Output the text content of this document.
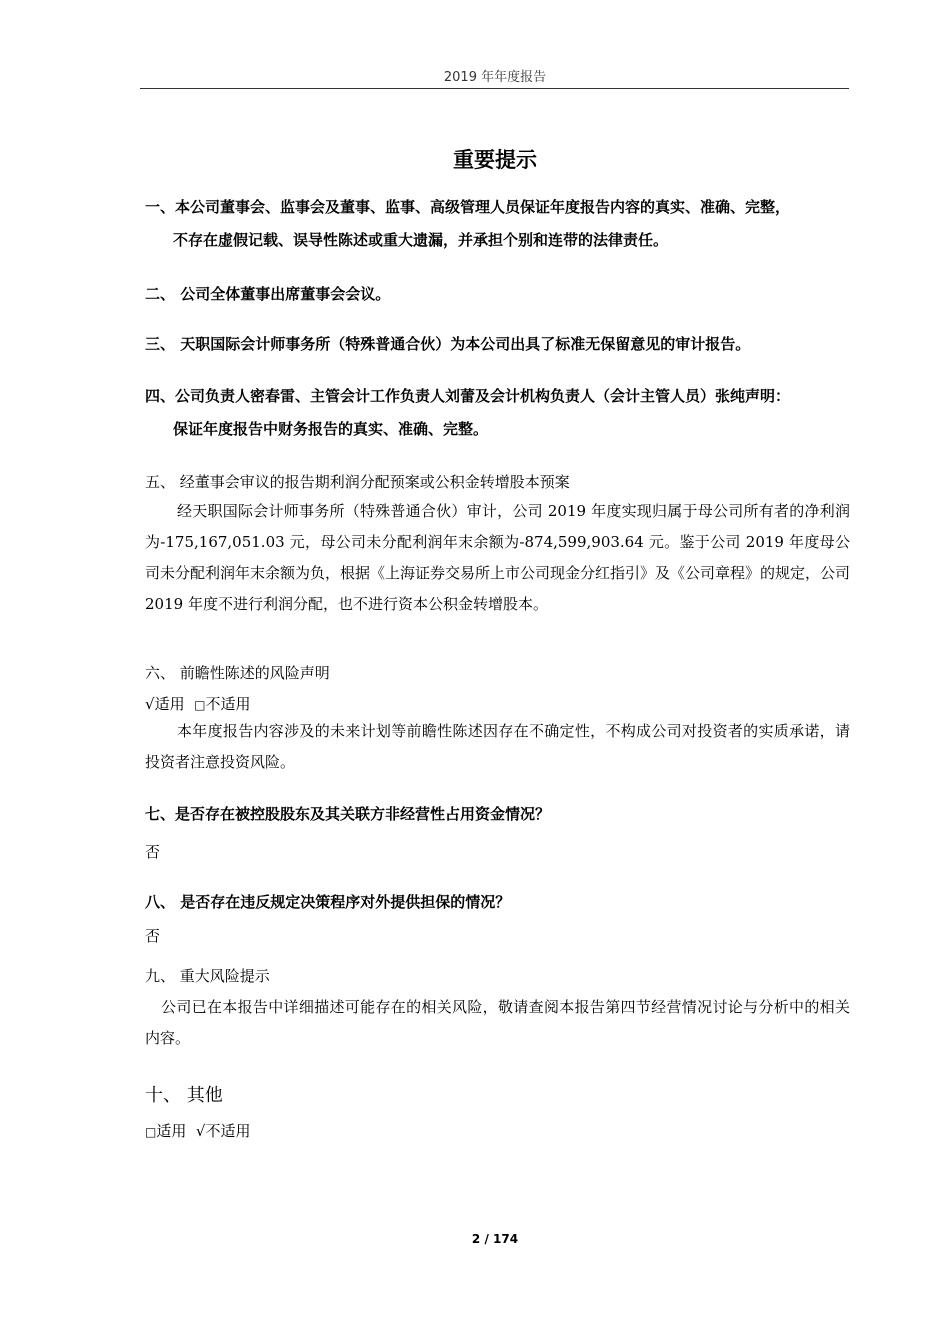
2019 年年度报告
重要提示
一、本公司董事会、监事会及董事、监事、高级管理人员保证年度报告内容的真实、准确、完整，
不存在虚假记载、误导性陈述或重大遗漏，并承担个别和连带的法律责任。
二、 公司全体董事出席董事会会议。
三、 天职国际会计师事务所（特殊普通合伙）为本公司出具了标准无保留意见的审计报告。
四、公司负责人密春雷、主管会计工作负责人刘蕾及会计机构负责人（会计主管人员）张纯声明：
保证年度报告中财务报告的真实、准确、完整。
五、 经董事会审议的报告期利润分配预案或公积金转增股本预案
经天职国际会计师事务所（特殊普通合伙）审计，公司 2019 年度实现归属于母公司所有者的净利润为-175,167,051.03 元，母公司未分配利润年末余额为-874,599,903.64 元。鉴于公司 2019 年度母公司未分配利润年末余额为负，根据《上海证券交易所上市公司现金分红指引》及《公司章程》的规定，公司 2019 年度不进行利润分配，也不进行资本公积金转增股本。
六、 前瞻性陈述的风险声明
√适用 □不适用
本年度报告内容涉及的未来计划等前瞻性陈述因存在不确定性，不构成公司对投资者的实质承诺，请投资者注意投资风险。
七、是否存在被控股股东及其关联方非经营性占用资金情况？
否
八、 是否存在违反规定决策程序对外提供担保的情况？
否
九、 重大风险提示
公司已在本报告中详细描述可能存在的相关风险，敬请查阅本报告第四节经营情况讨论与分析中的相关内容。
十、 其他
□适用 √不适用
2 / 174
